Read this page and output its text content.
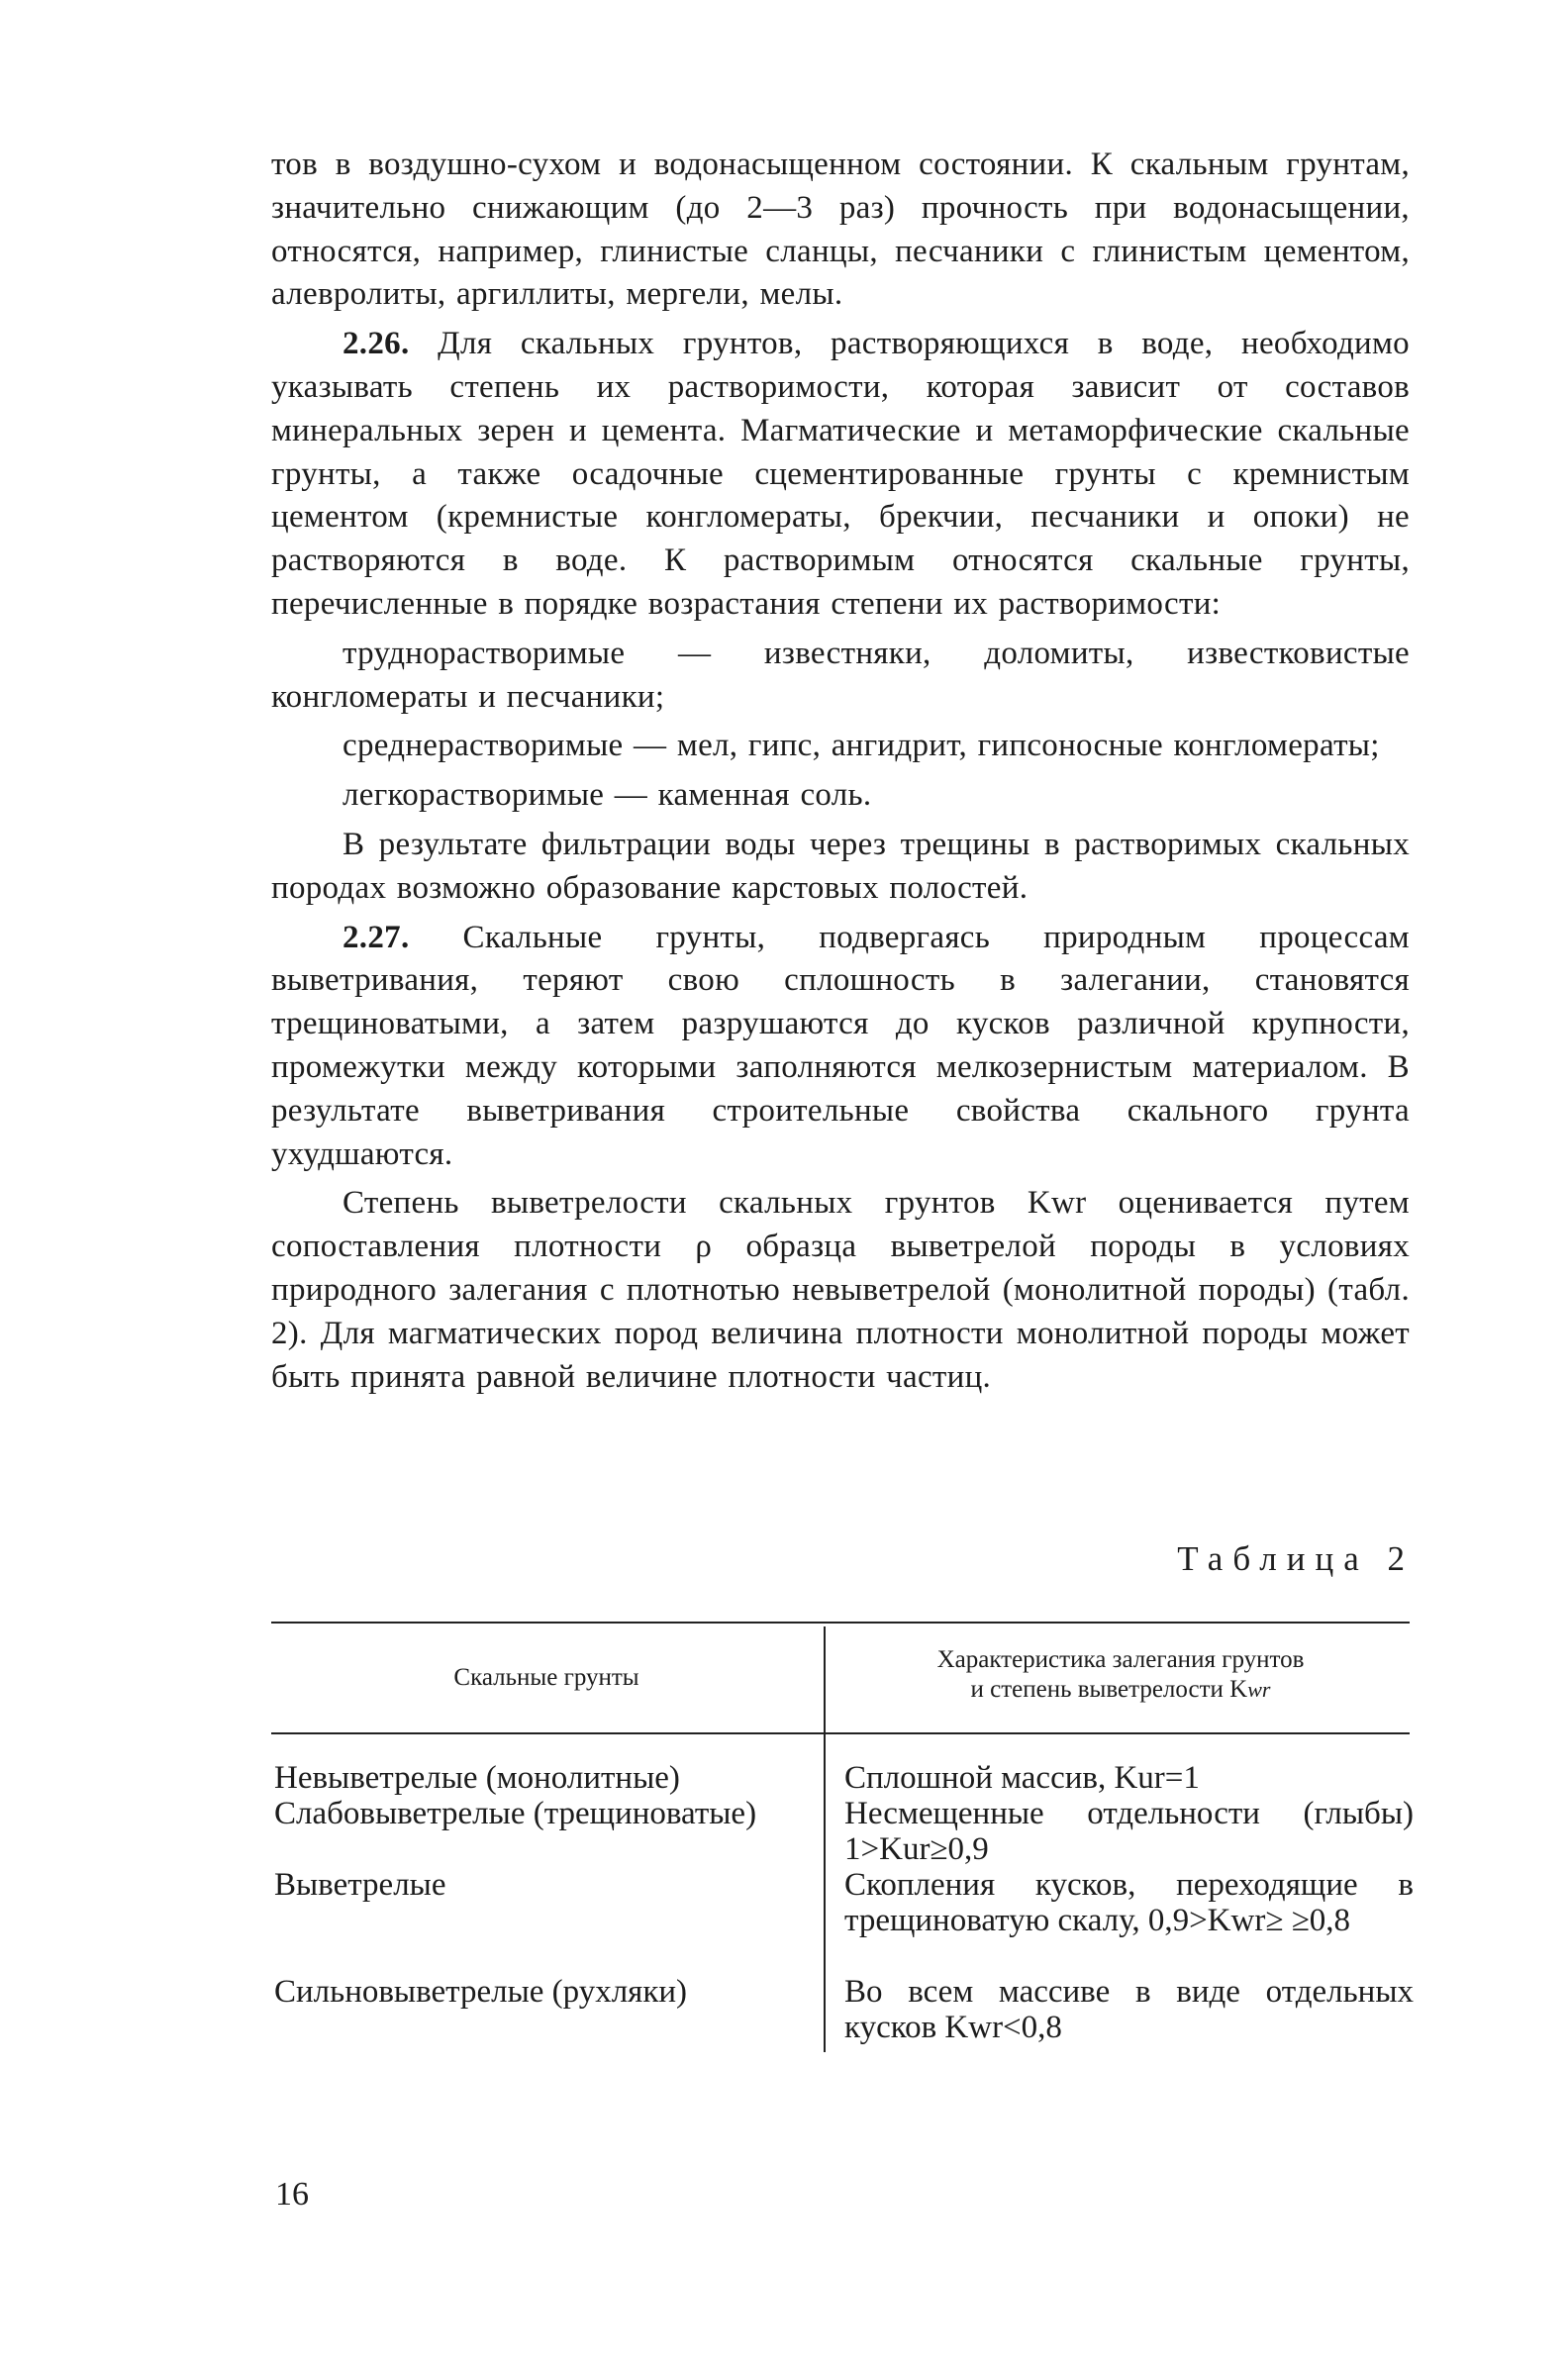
тов в воздушно-сухом и водонасыщенном состоянии. К скальным грунтам, значительно снижающим (до 2—3 раз) прочность при водонасыщении, относятся, например, глинистые сланцы, песчаники с глинистым цементом, алевролиты, аргиллиты, мергели, мелы.

2.26. Для скальных грунтов, растворяющихся в воде, необходимо указывать степень их растворимости, которая зависит от составов минеральных зерен и цемента. Магматические и метаморфические скальные грунты, а также осадочные сцементированные грунты с кремнистым цементом (кремнистые конгломераты, брекчии, песчаники и опоки) не растворяются в воде. К растворимым относятся скальные грунты, перечисленные в порядке возрастания степени их растворимости:

труднорастворимые — известняки, доломиты, известковистые конгломераты и песчаники;

среднерастворимые — мел, гипс, ангидрит, гипсоносные конгломераты;

легкорастворимые — каменная соль.

В результате фильтрации воды через трещины в растворимых скальных породах возможно образование карстовых полостей.

2.27. Скальные грунты, подвергаясь природным процессам выветривания, теряют свою сплошность в залегании, становятся трещиноватыми, а затем разрушаются до кусков различной крупности, промежутки между которыми заполняются мелкозернистым материалом. В результате выветривания строительные свойства скального грунта ухудшаются.

Степень выветрелости скальных грунтов Kwr оценивается путем сопоставления плотности ρ образца выветрелой породы в условиях природного залегания с плотнотью невыветрелой (монолитной породы) (табл. 2). Для магматических пород величина плотности монолитной породы может быть принята равной величине плотности частиц.

Таблица 2
Скальные грунты
Характеристика залегания грунтов
и степень выветрелости Kwr

Невыветрелые (монолитные)

Слабовыветрелые (трещиноватые)

Выветрелые

Сильновыветрелые (рухляки)

Сплошной массив, Kur=1

Несмещенные отдельности (глыбы) 1>Kur≥0,9

Скопления кусков, переходящие в трещиноватую скалу, 0,9>Kwr≥ ≥0,8

Во всем массиве в виде отдельных кусков Kwr<0,8

16
